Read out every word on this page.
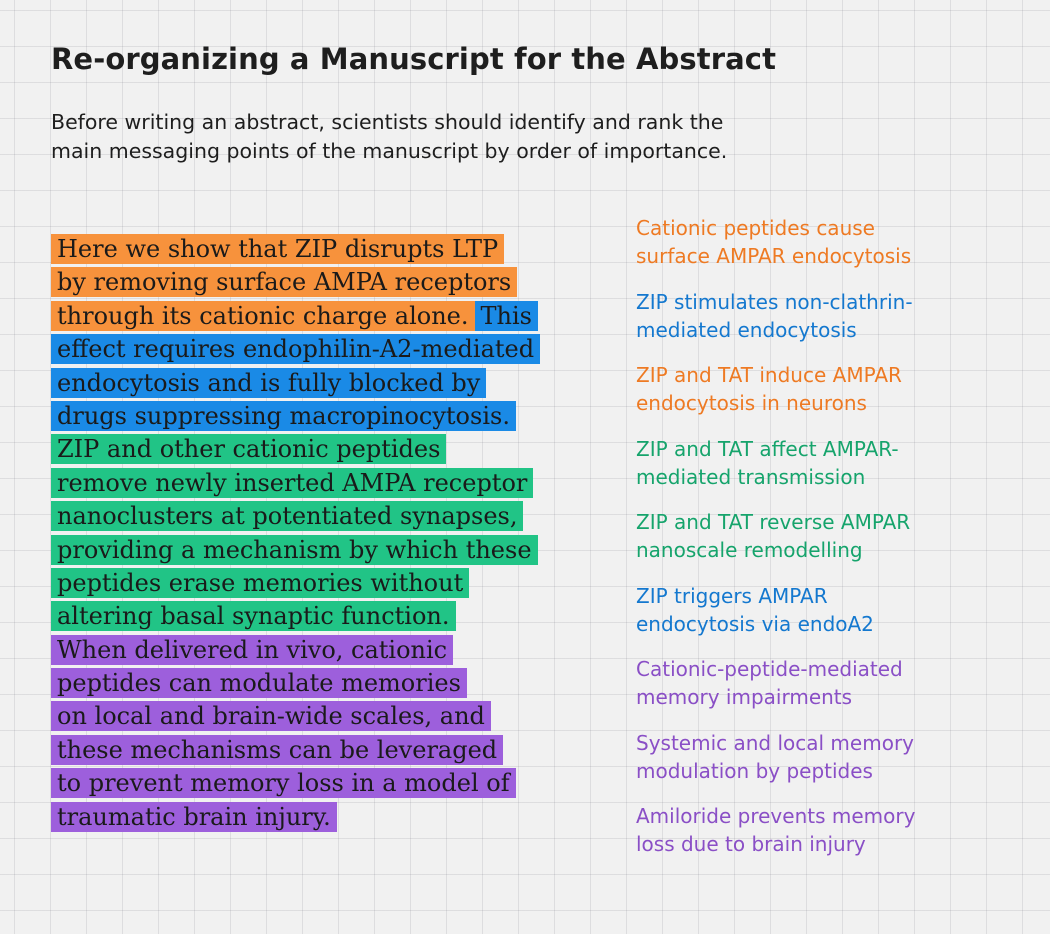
Re-organizing a Manuscript for the Abstract

Before writing an abstract, scientists should identify and rank the
main messaging points of the manuscript by order of importance.

Here we show that ZIP disrupts LTP
by removing surface AMPA receptors
through its cationic charge alone. This
effect requires endophilin-A2-mediated
endocytosis and is fully blocked by
drugs suppressing macropinocytosis.
ZIP and other cationic peptides
remove newly inserted AMPA receptor
nanoclusters at potentiated synapses,
providing a mechanism by which these
peptides erase memories without
altering basal synaptic function.
When delivered in vivo, cationic
peptides can modulate memories
on local and brain-wide scales, and
these mechanisms can be leveraged
to prevent memory loss in a model of
traumatic brain injury.
Cationic peptides cause
surface AMPAR endocytosis
ZIP stimulates non-clathrin-
mediated endocytosis
ZIP and TAT induce AMPAR
endocytosis in neurons
ZIP and TAT affect AMPAR-
mediated transmission
ZIP and TAT reverse AMPAR
nanoscale remodelling
ZIP triggers AMPAR
endocytosis via endoA2
Cationic-peptide-mediated
memory impairments
Systemic and local memory
modulation by peptides
Amiloride prevents memory
loss due to brain injury
